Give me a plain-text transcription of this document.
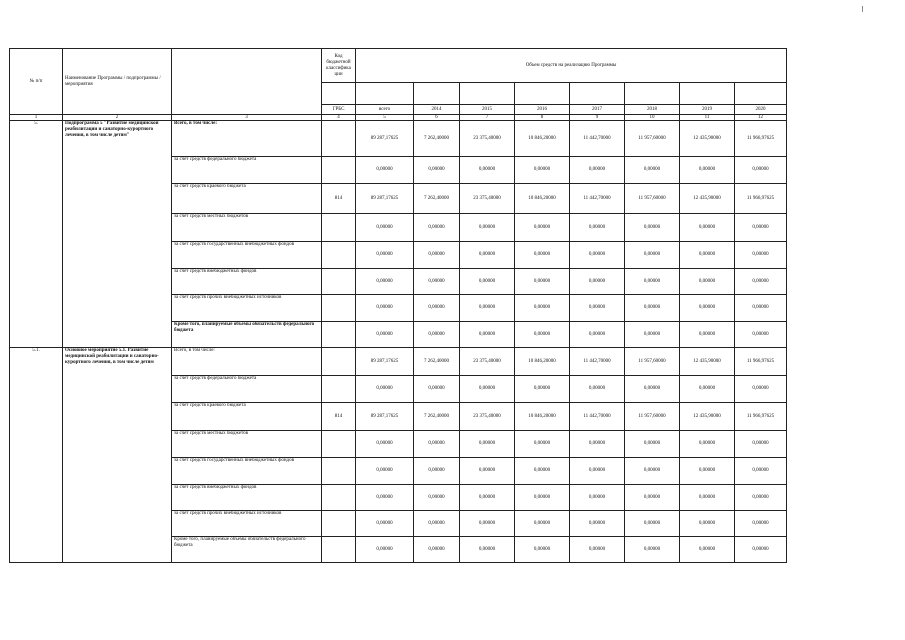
№ п/п	Наименование Программы / подпрограммы / мероприятия		Код бюджетной классифика ции	Объем средств на реализацию Программы							

			ГРБС	всего	2014	2015	2016	2017	2018	2019	2020
1	2	3	4	5	6	7	8	9	10	11	12
5.	Подпрограмма 5 "Развитие медицинской реабилитации и санаторно-курортного лечения, в том числе детям"	Всего, в том числе:		89 287,17625	7 262,40000	23 375,40000	10 846,20000	11 442,70000	11 957,60000	12 435,90000	11 966,97625
		за счет средств федерального бюджета		0,00000	0,00000	0,00000	0,00000	0,00000	0,00000	0,00000	0,00000
		за счет средств краевого бюджета	814	89 287,17625	7 262,40000	23 375,40000	10 846,20000	11 442,70000	11 957,60000	12 435,90000	11 966,97625
		за счет средств местных бюджетов		0,00000	0,00000	0,00000	0,00000	0,00000	0,00000	0,00000	0,00000
		за счет средств государственных внебюджетных фондов		0,00000	0,00000	0,00000	0,00000	0,00000	0,00000	0,00000	0,00000
		за счет средств внебюджетных фондов		0,00000	0,00000	0,00000	0,00000	0,00000	0,00000	0,00000	0,00000
		за счет средств прочих внебюджетных источников		0,00000	0,00000	0,00000	0,00000	0,00000	0,00000	0,00000	0,00000
		Кроме того, планируемые объемы обязательств федерального бюджета		0,00000	0,00000	0,00000	0,00000	0,00000	0,00000	0,00000	0,00000
5.1.	Основное мероприятие 5.1. Развитие медицинской реабилитации и санаторно-курортного лечения, в том числе детям	Всего, в том числе:		89 287,17625	7 262,40000	23 375,40000	10 846,20000	11 442,70000	11 957,60000	12 435,90000	11 966,97625
		за счет средств федерального бюджета		0,00000	0,00000	0,00000	0,00000	0,00000	0,00000	0,00000	0,00000
		за счет средств краевого бюджета	814	89 287,17625	7 262,40000	23 375,40000	10 846,20000	11 442,70000	11 957,60000	12 435,90000	11 966,97625
		за счет средств местных бюджетов		0,00000	0,00000	0,00000	0,00000	0,00000	0,00000	0,00000	0,00000
		за счет средств государственных внебюджетных фондов		0,00000	0,00000	0,00000	0,00000	0,00000	0,00000	0,00000	0,00000
		за счет средств внебюджетных фондов		0,00000	0,00000	0,00000	0,00000	0,00000	0,00000	0,00000	0,00000
		за счет средств прочих внебюджетных источников		0,00000	0,00000	0,00000	0,00000	0,00000	0,00000	0,00000	0,00000
		Кроме того, планируемые объемы обязательств федерального бюджета		0,00000	0,00000	0,00000	0,00000	0,00000	0,00000	0,00000	0,00000
